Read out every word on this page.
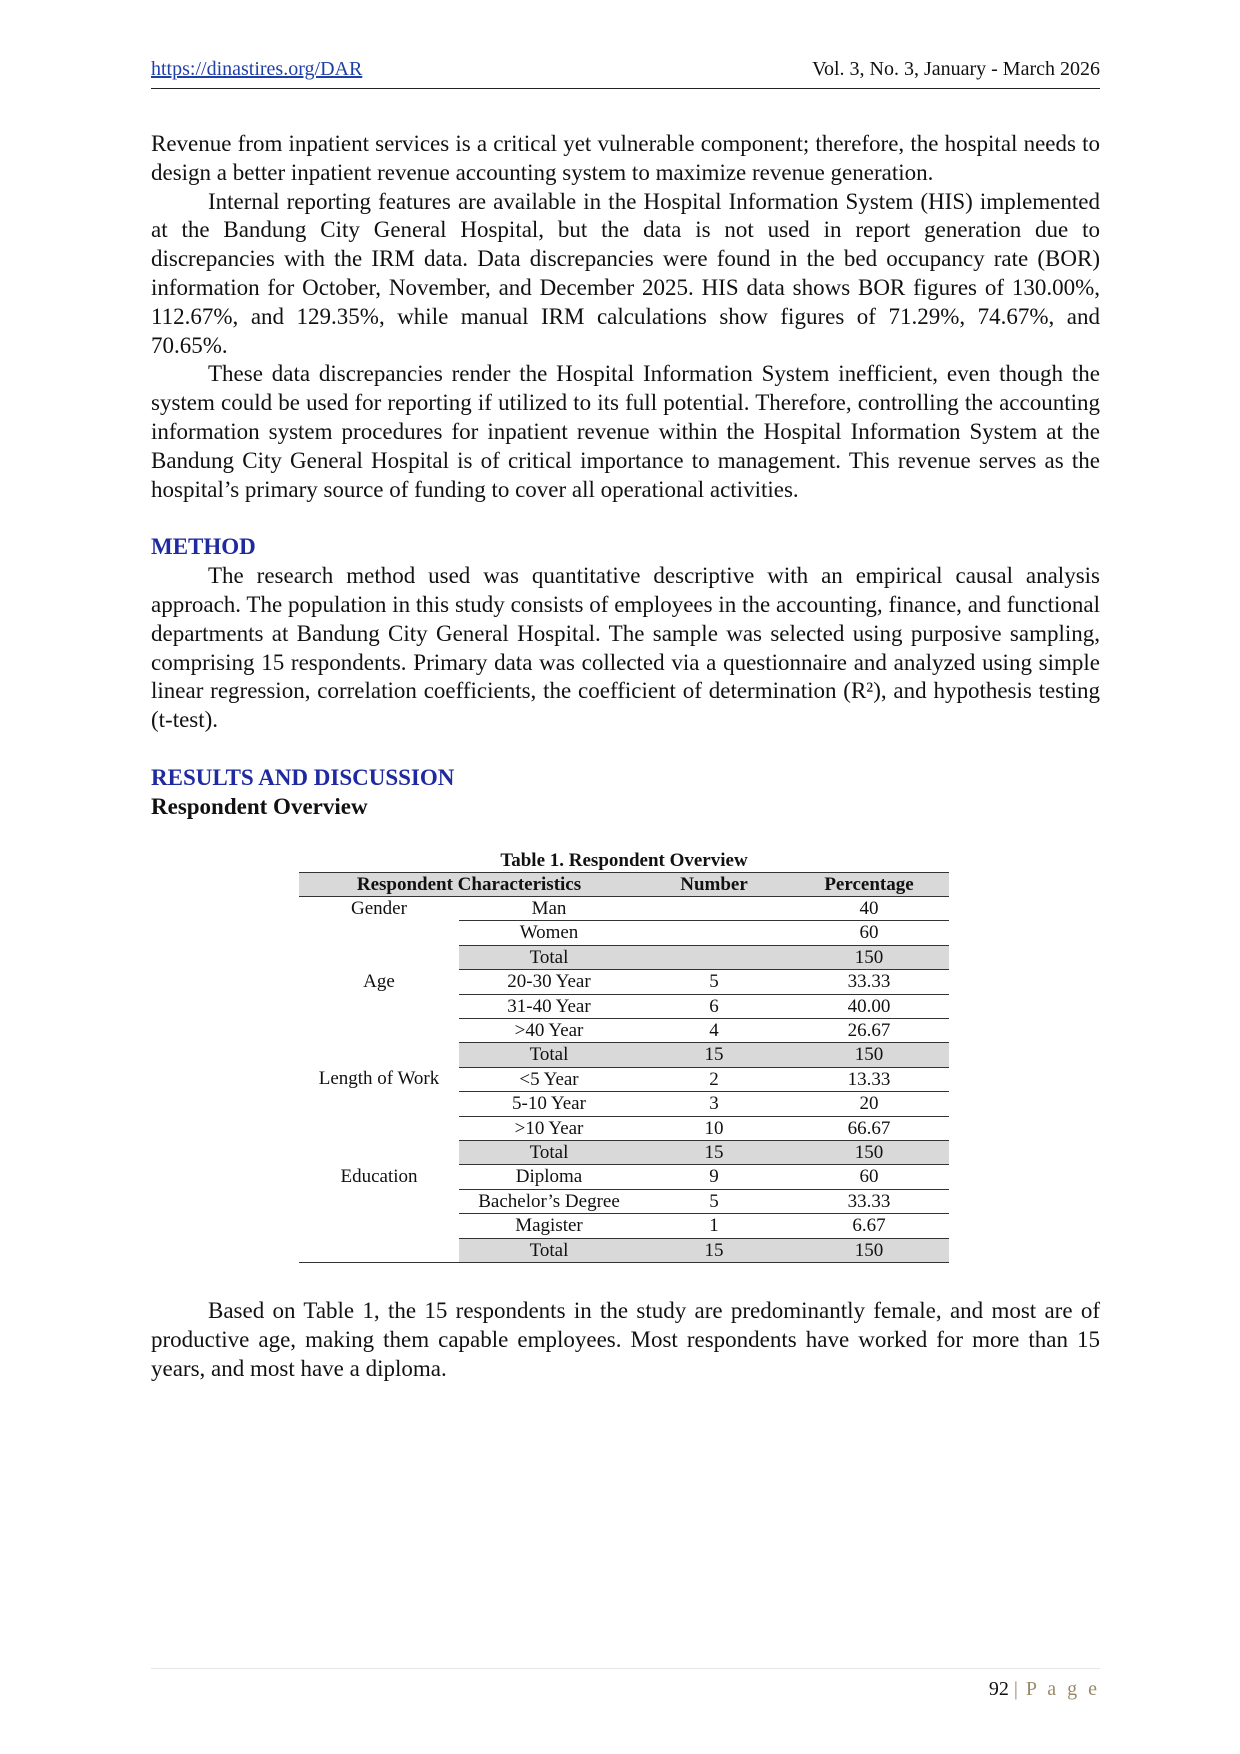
https://dinastires.org/DAR	Vol. 3, No. 3, January - March 2026

Revenue from inpatient services is a critical yet vulnerable component; therefore, the hospital needs to design a better inpatient revenue accounting system to maximize revenue generation.

Internal reporting features are available in the Hospital Information System (HIS) implemented at the Bandung City General Hospital, but the data is not used in report generation due to discrepancies with the IRM data. Data discrepancies were found in the bed occupancy rate (BOR) information for October, November, and December 2025. HIS data shows BOR figures of 130.00%, 112.67%, and 129.35%, while manual IRM calculations show figures of 71.29%, 74.67%, and 70.65%.

These data discrepancies render the Hospital Information System inefficient, even though the system could be used for reporting if utilized to its full potential. Therefore, controlling the accounting information system procedures for inpatient revenue within the Hospital Information System at the Bandung City General Hospital is of critical importance to management. This revenue serves as the hospital’s primary source of funding to cover all operational activities.

METHOD

The research method used was quantitative descriptive with an empirical causal analysis approach. The population in this study consists of employees in the accounting, finance, and functional departments at Bandung City General Hospital. The sample was selected using purposive sampling, comprising 15 respondents. Primary data was collected via a questionnaire and analyzed using simple linear regression, correlation coefficients, the coefficient of determination (R²), and hypothesis testing (t-test).

RESULTS AND DISCUSSION
Respondent Overview
Table 1. Respondent Overview
Respondent Characteristics		Number	Percentage
Gender	Man		40
	Women		60
	Total		150
Age	20-30 Year	5	33.33
	31-40 Year	6	40.00
	>40 Year	4	26.67
	Total	15	150
Length of Work	<5 Year	2	13.33
	5-10 Year	3	20
	>10 Year	10	66.67
	Total	15	150
Education	Diploma	9	60
	Bachelor’s Degree	5	33.33
	Magister	1	6.67
	Total	15	150

Based on Table 1, the 15 respondents in the study are predominantly female, and most are of productive age, making them capable employees. Most respondents have worked for more than 15 years, and most have a diploma.

92 | P a g e
